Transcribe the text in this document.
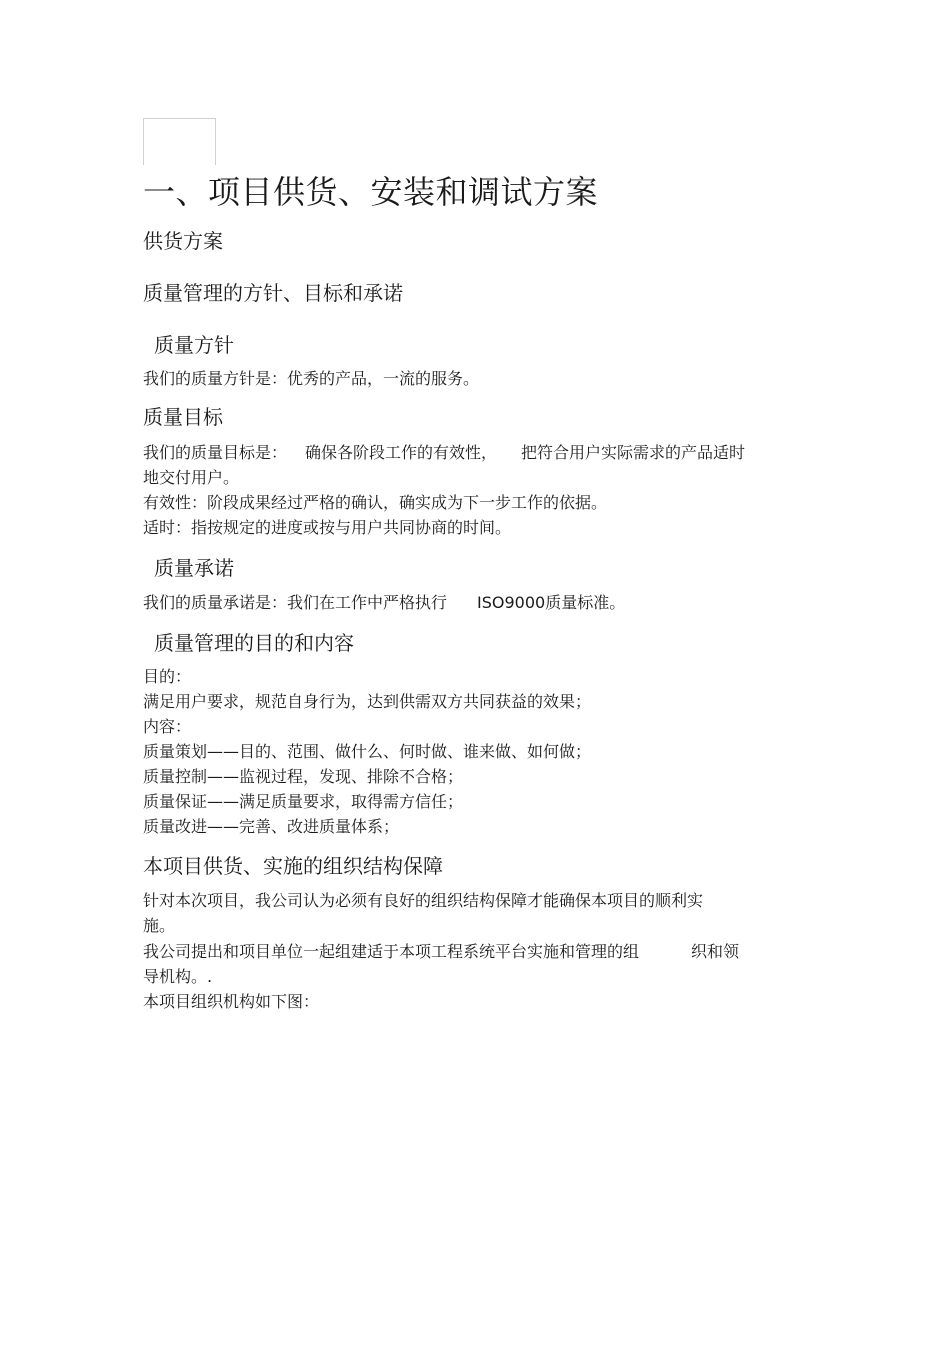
一、项目供货、安装和调试方案
供货方案
质量管理的方针、目标和承诺
质量方针
我们的质量方针是：优秀的产品，一流的服务。
质量目标
我们的质量目标是： 确保各阶段工作的有效性， 把符合用户实际需求的产品适时
地交付用户。
有效性：阶段成果经过严格的确认，确实成为下一步工作的依据。
适时：指按规定的进度或按与用户共同协商的时间。
质量承诺
我们的质量承诺是：我们在工作中严格执行 ISO9000质量标准。
质量管理的目的和内容
目的：
满足用户要求，规范自身行为，达到供需双方共同获益的效果；
内容：
质量策划——目的、范围、做什么、何时做、谁来做、如何做；
质量控制——监视过程，发现、排除不合格；
质量保证——满足质量要求，取得需方信任；
质量改进——完善、改进质量体系；
本项目供货、实施的组织结构保障
针对本次项目，我公司认为必须有良好的组织结构保障才能确保本项目的顺利实
施。
我公司提出和项目单位一起组建适于本项工程系统平台实施和管理的组	织和领
导机构。.
本项目组织机构如下图：
